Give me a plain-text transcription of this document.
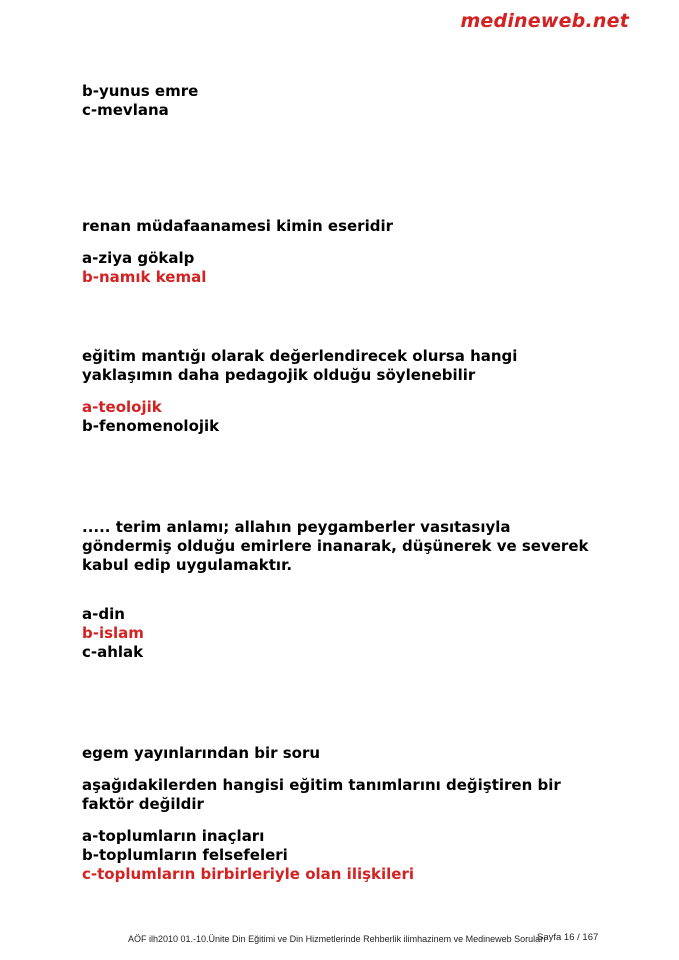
medineweb.net
b-yunus emre
c-mevlana
renan müdafaanamesi kimin eseridir
a-ziya gökalp
b-namık kemal
eğitim mantığı olarak değerlendirecek olursa hangi
yaklaşımın daha pedagojik olduğu söylenebilir
a-teolojik
b-fenomenolojik
..... terim anlamı; allahın peygamberler vasıtasıyla
göndermiş olduğu emirlere inanarak, düşünerek ve severek
kabul edip uygulamaktır.
a-din
b-islam
c-ahlak
egem yayınlarından bir soru
aşağıdakilerden hangisi eğitim tanımlarını değiştiren bir
faktör değildir
a-toplumların inaçları
b-toplumların felsefeleri
c-toplumların birbirleriyle olan ilişkileri
AÖF ilh2010 01.-10.Ünite Din Eğitimi ve Din Hizmetlerinde Rehberlik ilimhazinem ve Medineweb Soruları
Sayfa 16 / 167
